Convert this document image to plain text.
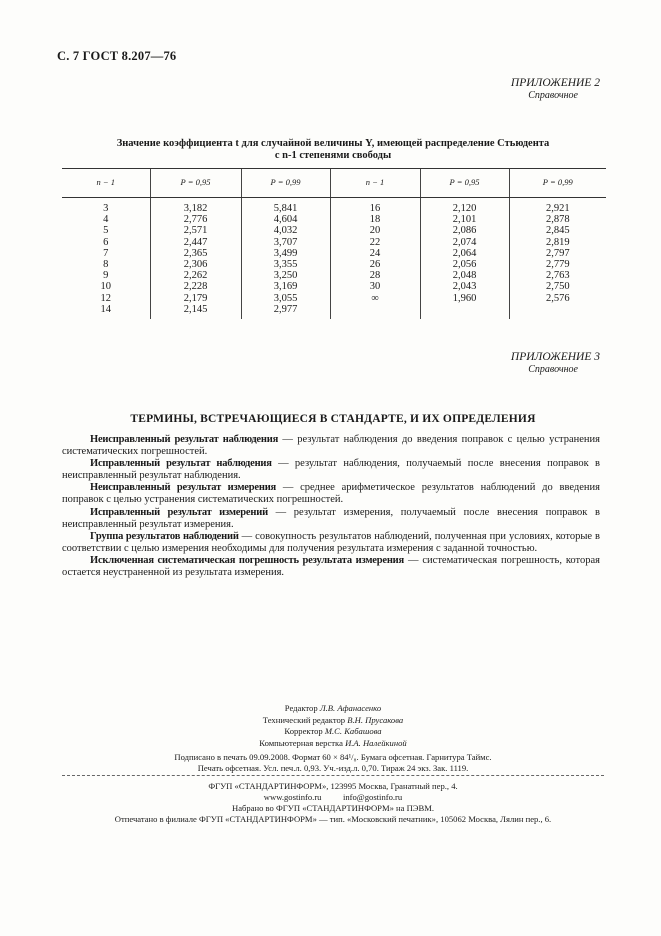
С. 7 ГОСТ 8.207—76
ПРИЛОЖЕНИЕ 2
Справочное
Значение коэффициента t для случайной величины Y, имеющей распределение Стьюдента
с n-1 степенями свободы
n − 1	P = 0,95	P = 0,99	n − 1	P = 0,95	P = 0,99
3	3,182	5,841	16	2,120	2,921
4	2,776	4,604	18	2,101	2,878
5	2,571	4,032	20	2,086	2,845
6	2,447	3,707	22	2,074	2,819
7	2,365	3,499	24	2,064	2,797
8	2,306	3,355	26	2,056	2,779
9	2,262	3,250	28	2,048	2,763
10	2,228	3,169	30	2,043	2,750
12	2,179	3,055	∞	1,960	2,576
14	2,145	2,977			
ПРИЛОЖЕНИЕ 3
Справочное
ТЕРМИНЫ, ВСТРЕЧАЮЩИЕСЯ В СТАНДАРТЕ, И ИХ ОПРЕДЕЛЕНИЯ

Неисправленный результат наблюдения — результат наблюдения до введения поправок с целью устранения систематических погрешностей.

Исправленный результат наблюдения — результат наблюдения, получаемый после внесения поправок в неисправленный результат наблюдения.

Неисправленный результат измерения — среднее арифметическое результатов наблюдений до введения поправок с целью устранения систематических погрешностей.

Исправленный результат измерений — результат измерения, получаемый после внесения поправок в неисправленный результат измерения.

Группа результатов наблюдений — совокупность результатов наблюдений, полученная при условиях, которые в соответствии с целью измерения необходимы для получения результата измерения с заданной точностью.

Исключенная систематическая погрешность результата измерения — систематическая погрешность, которая остается неустраненной из результата измерения.

Редактор Л.В. Афанасенко
Технический редактор В.Н. Прусакова
Корректор М.С. Кабашова
Компьютерная верстка И.А. Налейкиной
Подписано в печать 09.09.2008. Формат 60 × 84¹/₈. Бумага офсетная. Гарнитура Таймс.
Печать офсетная. Усл. печ.л. 0,93. Уч.-изд.л. 0,70. Тираж 24 экз. Зак. 1119.
ФГУП «СТАНДАРТИНФОРМ», 123995 Москва, Гранатный пер., 4.
www.gostinfo.ru info@gostinfo.ru
Набрано во ФГУП «СТАНДАРТИНФОРМ» на ПЭВМ.
Отпечатано в филиале ФГУП «СТАНДАРТИНФОРМ» — тип. «Московский печатник», 105062 Москва, Лялин пер., 6.
